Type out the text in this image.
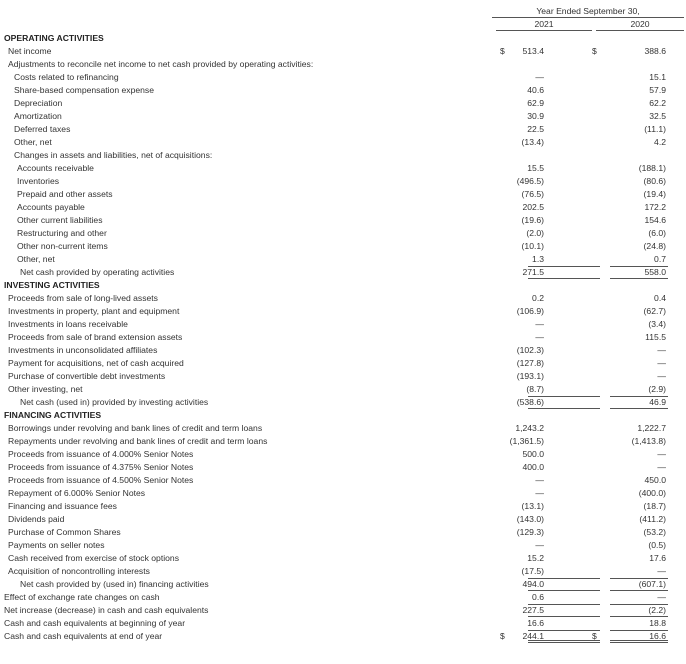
Year Ended September 30,
2021	2020
OPERATING ACTIVITIES
Net income	$ 513.4	$	388.6
Adjustments to reconcile net income to net cash provided by operating activities:
Costs related to refinancing	—	15.1
Share-based compensation expense	40.6	57.9
Depreciation	62.9	62.2
Amortization	30.9	32.5
Deferred taxes	22.5	(11.1)
Other, net	(13.4)	4.2
Changes in assets and liabilities, net of acquisitions:
Accounts receivable	15.5	(188.1)
Inventories	(496.5)	(80.6)
Prepaid and other assets	(76.5)	(19.4)
Accounts payable	202.5	172.2
Other current liabilities	(19.6)	154.6
Restructuring and other	(2.0)	(6.0)
Other non-current items	(10.1)	(24.8)
Other, net	1.3	0.7
Net cash provided by operating activities	271.5	558.0
INVESTING ACTIVITIES
Proceeds from sale of long-lived assets	0.2	0.4
Investments in property, plant and equipment	(106.9)	(62.7)
Investments in loans receivable	—	(3.4)
Proceeds from sale of brand extension assets	—	115.5
Investments in unconsolidated affiliates	(102.3)	—
Payment for acquisitions, net of cash acquired	(127.8)	—
Purchase of convertible debt investments	(193.1)	—
Other investing, net	(8.7)	(2.9)
Net cash (used in) provided by investing activities	(538.6)	46.9
FINANCING ACTIVITIES
Borrowings under revolving and bank lines of credit and term loans	1,243.2	1,222.7
Repayments under revolving and bank lines of credit and term loans	(1,361.5)	(1,413.8)
Proceeds from issuance of 4.000% Senior Notes	500.0	—
Proceeds from issuance of 4.375% Senior Notes	400.0	—
Proceeds from issuance of 4.500% Senior Notes	—	450.0
Repayment of 6.000% Senior Notes	—	(400.0)
Financing and issuance fees	(13.1)	(18.7)
Dividends paid	(143.0)	(411.2)
Purchase of Common Shares	(129.3)	(53.2)
Payments on seller notes	—	(0.5)
Cash received from exercise of stock options	15.2	17.6
Acquisition of noncontrolling interests	(17.5)	—
Net cash provided by (used in) financing activities	494.0	(607.1)
Effect of exchange rate changes on cash	0.6	—
Net increase (decrease) in cash and cash equivalents	227.5	(2.2)
Cash and cash equivalents at beginning of year	16.6	18.8
Cash and cash equivalents at end of year	$ 244.1	$	16.6
